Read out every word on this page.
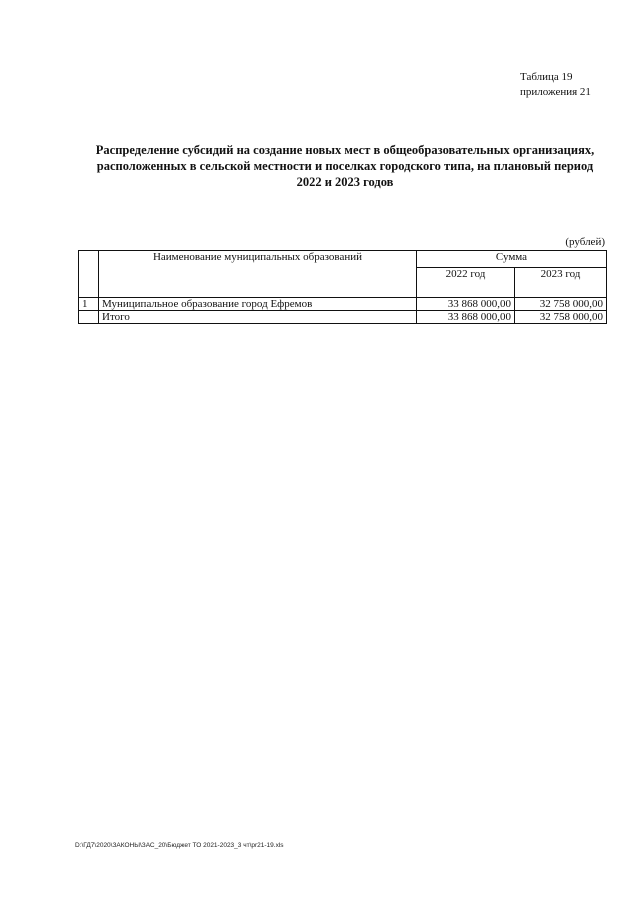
Таблица 19
приложения 21
Распределение субсидий на создание новых мест в общеобразовательных организациях,
расположенных в сельской местности и поселках городского типа, на плановый период
2022 и 2023 годов
(рублей)
	Наименование муниципальных образований	Сумма	
		2022 год	2023 год
1	Муниципальное образование город Ефремов	33 868 000,00	32 758 000,00
	Итого	33 868 000,00	32 758 000,00
D:\ГД7\2020\ЗАКОНЫ\ЗАС_20\Бюджет ТО 2021-2023_3 чт\pr21-19.xls
